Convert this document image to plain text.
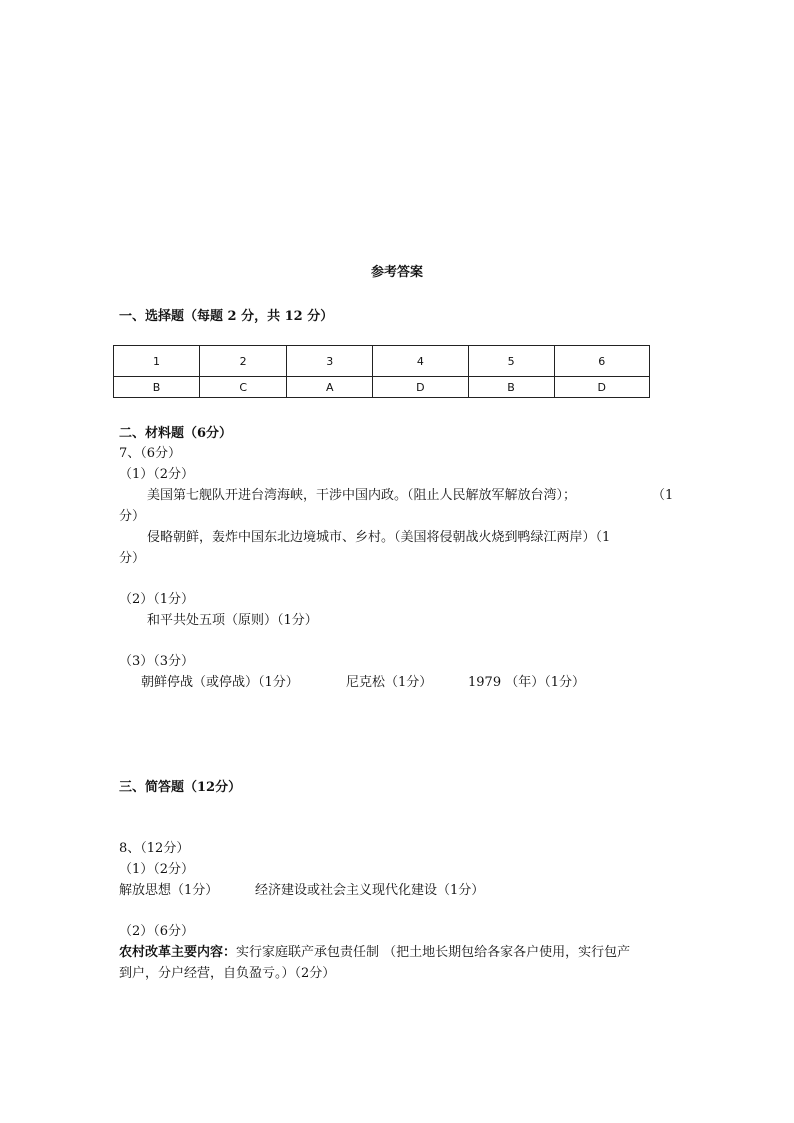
参考答案
一、选择题（每题 2 分，共 12 分）
1	2	3	4	5	6
B	C	A	D	B	D
二、材料题（6分）
7、（6分）
（1）（2分）
美国第七舰队开进台湾海峡，干涉中国内政。（阻止人民解放军解放台湾）；	（1
分）
侵略朝鲜，轰炸中国东北边境城市、乡村。（美国将侵朝战火烧到鸭绿江两岸）（1
分）
（2）（1分）
和平共处五项（原则）（1分）
（3）（3分）
朝鲜停战（或停战）（1分）	尼克松（1分）	1979 （年）（1分）
三、简答题（12分）
8、（12分）
（1）（2分）
解放思想（1分）	经济建设或社会主义现代化建设（1分）
（2）（6分）
农村改革主要内容：实行家庭联产承包责任制 （把土地长期包给各家各户使用，实行包产
到户，分户经营，自负盈亏。）（2分）
